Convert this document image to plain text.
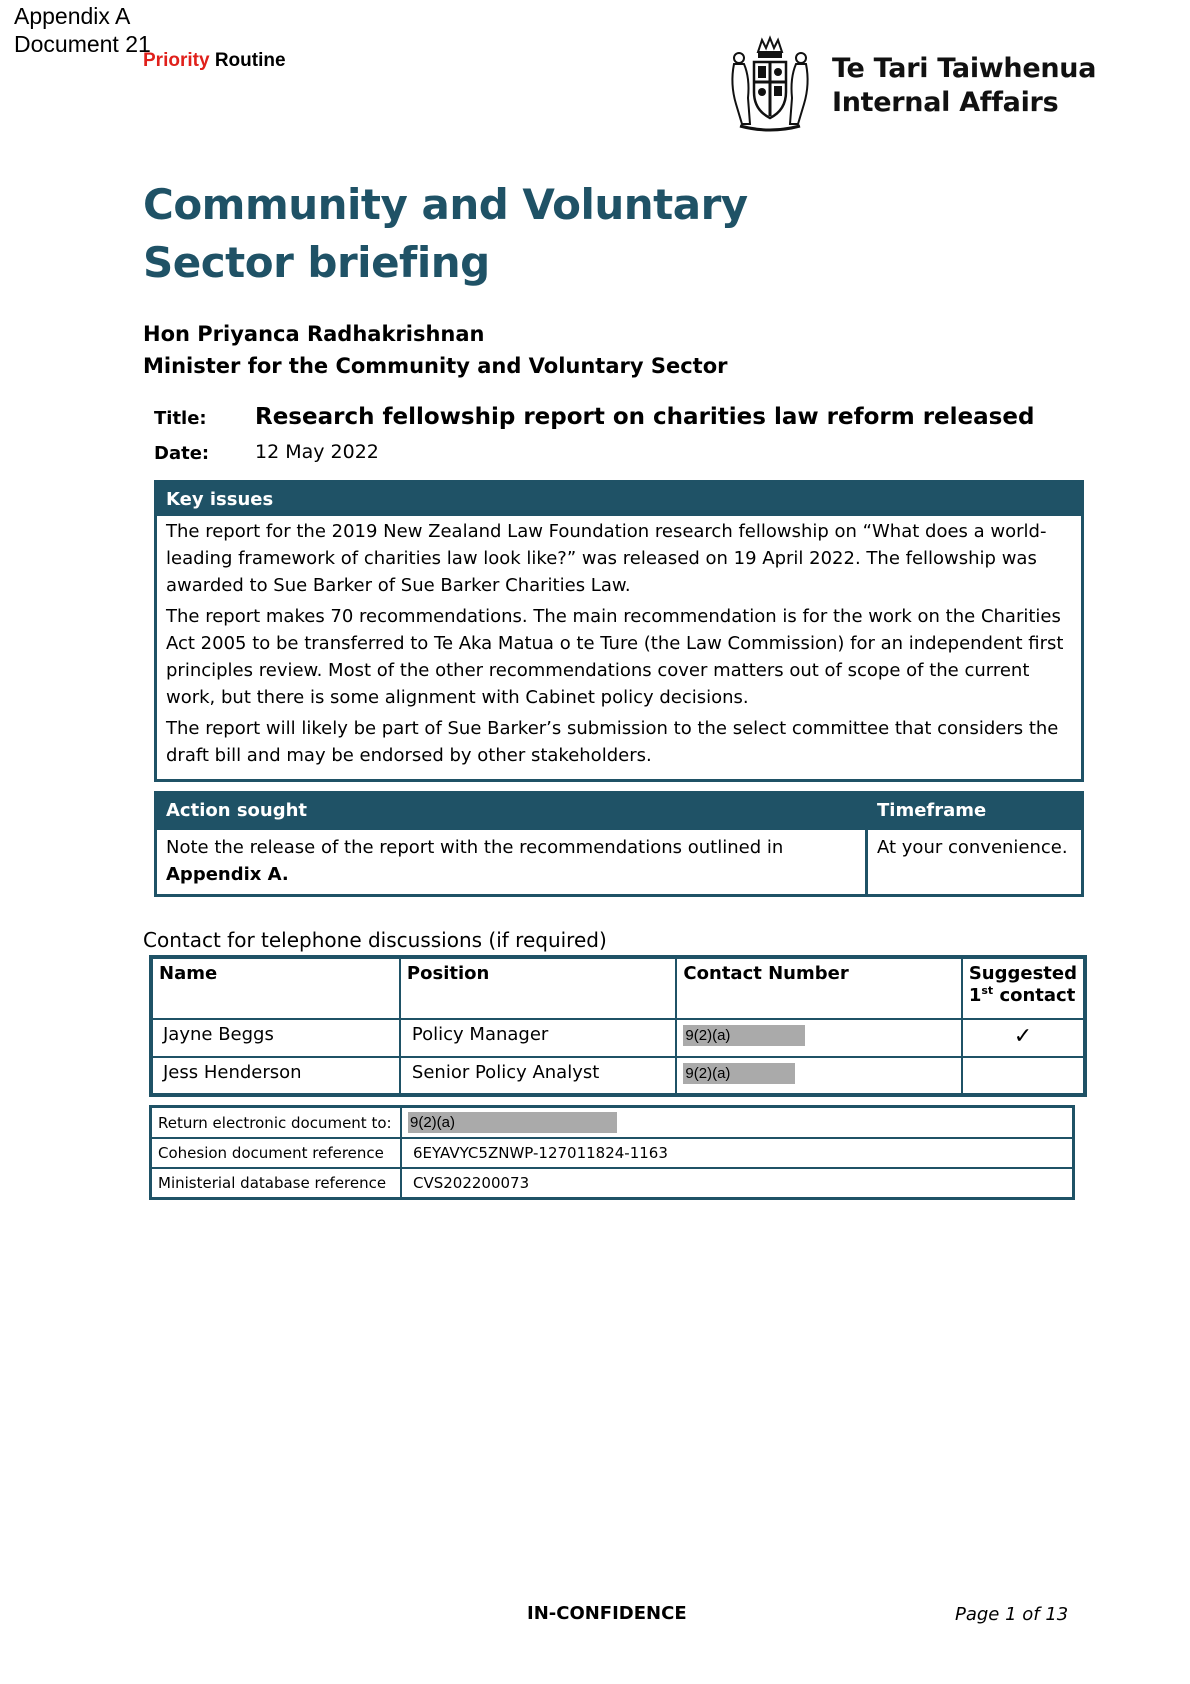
Appendix A
Document 21
Priority Routine	Te Tari Taiwhenua
Internal Affairs
Community and Voluntary
Sector briefing
Hon Priyanca Radhakrishnan
Minister for the Community and Voluntary Sector
Title: Research fellowship report on charities law reform released
Date: 12 May 2022
Key issues

The report for the 2019 New Zealand Law Foundation research fellowship on “What does a world-leading framework of charities law look like?” was released on 19 April 2022. The fellowship was awarded to Sue Barker of Sue Barker Charities Law.

The report makes 70 recommendations. The main recommendation is for the work on the Charities Act 2005 to be transferred to Te Aka Matua o te Ture (the Law Commission) for an independent first principles review. Most of the other recommendations cover matters out of scope of the current work, but there is some alignment with Cabinet policy decisions.

The report will likely be part of Sue Barker’s submission to the select committee that considers the draft bill and may be endorsed by other stakeholders.

Action sought	Timeframe
Note the release of the report with the recommendations outlined in
Appendix A.	At your convenience.
Contact for telephone discussions (if required)
Name	Position	Contact Number	Suggested
1st contact
Jayne Beggs	Policy Manager	9(2)(a)	✓
Jess Henderson	Senior Policy Analyst	9(2)(a)	
Return electronic document to:	9(2)(a)
Cohesion document reference	6EYAVYC5ZNWP-127011824-1163
Ministerial database reference	CVS202200073
IN-CONFIDENCE	Page 1 of 13
